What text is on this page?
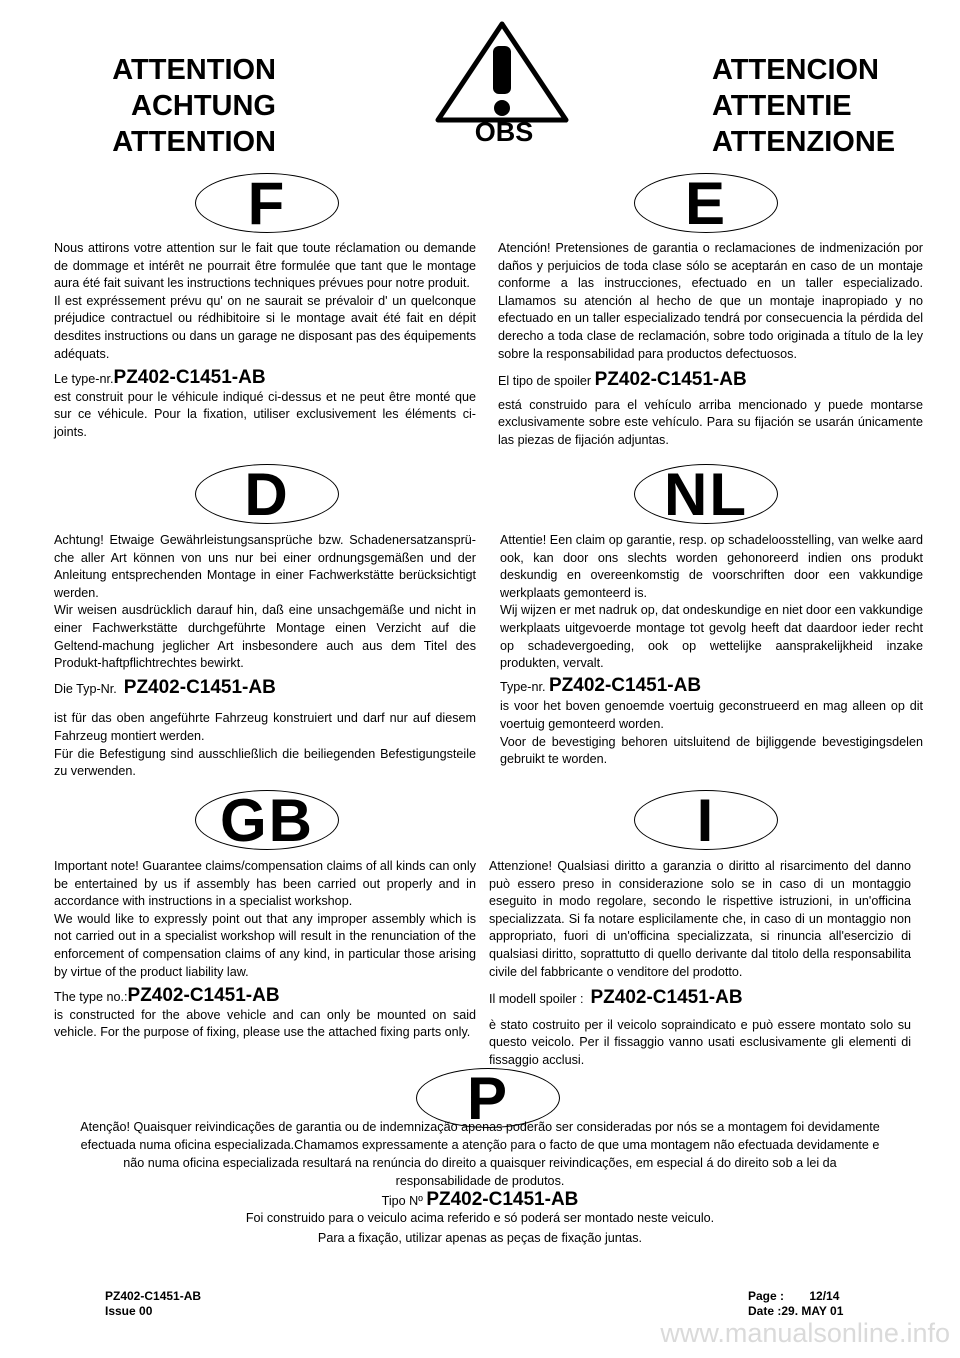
ATTENTION
ACHTUNG
ATTENTION	OBS
ATTENCION
ATTENTIE
ATTENZIONE
F

Nous attirons votre attention sur le fait que toute réclamation ou demande de dommage et intérêt ne pourrait être formulée que tant que le montage aura été fait suivant les instructions techniques prévues pour notre produit.

Il est expréssement prévu qu' on ne saurait se prévaloir d' un quelconque préjudice contractuel ou rédhibitoire si le montage avait été fait en dépit desdites instructions ou dans un garage ne disposant pas des équipements adéquats.

Le type-nr.PZ402-C1451-AB

est construit pour le véhicule indiqué ci-dessus et ne peut être monté que sur ce véhicule. Pour la fixation, utiliser exclusivement les éléments ci-joints.

E

Atención! Pretensiones de garantia o reclamaciones de indmenización por daños y perjuicios de toda clase sólo se aceptarán en caso de un montaje conforme a las instrucciones, efectuado en un taller especializado. Llamamos su atención al hecho de que un montaje inapropiado y no efectuado en un taller especializado tendrá por consecuencia la pérdida del derecho a toda clase de reclamación, sobre todo originada a título de la ley sobre la responsabilidad para productos defectuosos.

El tipo de spoiler PZ402-C1451-AB

está construido para el vehículo arriba mencionado y puede montarse exclusivamente sobre este vehículo. Para su fijación se usarán únicamente las piezas de fijación adjuntas.

D

Achtung! Etwaige Gewährleistungsansprüche bzw. Schadenersatzansprü-che aller Art können von uns nur bei einer ordnungsgemäßen und der Anleitung entsprechenden Montage in einer Fachwerkstätte berücksichtigt werden.

Wir weisen ausdrücklich darauf hin, daß eine unsachgemäße und nicht in einer Fachwerkstätte durchgeführte Montage einen Verzicht auf die Geltend-machung jeglicher Art insbesondere auch aus dem Titel des Produkt-haftpflichtrechtes bewirkt.

Die Typ-Nr. PZ402-C1451-AB

ist für das oben angeführte Fahrzeug konstruiert und darf nur auf diesem Fahrzeug montiert werden.

Für die Befestigung sind ausschließlich die beiliegenden Befestigungsteile zu verwenden.

NL

Attentie! Een claim op garantie, resp. op schadeloosstelling, van welke aard ook, kan door ons slechts worden gehonoreerd indien ons produkt deskundig en overeenkomstig de voorschriften door een vakkundige werkplaats gemonteerd is.

Wij wijzen er met nadruk op, dat ondeskundige en niet door een vakkundige werkplaats uitgevoerde montage tot gevolg heeft dat daardoor ieder recht op schadevergoeding, ook op wettelijke aansprakelijkheid inzake produkten, vervalt.

Type-nr. PZ402-C1451-AB

is voor het boven genoemde voertuig geconstrueerd en mag alleen op dit voertuig gemonteerd worden.

Voor de bevestiging behoren uitsluitend de bijliggende bevestigingsdelen gebruikt te worden.

GB

Important note! Guarantee claims/compensation claims of all kinds can only be entertained by us if assembly has been carried out properly and in accordance with instructions in a specialist workshop.

We would like to expressly point out that any improper assembly which is not carried out in a specialist workshop will result in the renunciation of the enforcement of compensation claims of any kind, in particular those arising by virtue of the product liability law.

The type no.:PZ402-C1451-AB

is constructed for the above vehicle and can only be mounted on said vehicle. For the purpose of fixing, please use the attached fixing parts only.

I

Attenzione! Qualsiasi diritto a garanzia o diritto al risarcimento del danno può essero preso in considerazione solo se in caso di un montaggio eseguito in modo regolare, secondo le rispettive istruzioni, in un'officina specializzata. Si fa notare esplicilamente che, in caso di un montaggio non appropriato, fuori di un'officina specializzata, si rinuncia all'esercizio di qualsiasi diritto, soprattutto di quello derivante dal titolo della responsabilita civile del fabbricante o venditore del prodotto.

Il modell spoiler : PZ402-C1451-AB

è stato costruito per il veicolo sopraindicato e può essere montato solo su questo veicolo. Per il fissaggio vanno usati esclusivamente gli elementi di fissaggio acclusi.

P
Atenção! Quaisquer reivindicações de garantia ou de indemnização apenas poderão ser consideradas por nós se a montagem foi devidamente
efectuada numa oficina especializada.Chamamos expressamente a atenção para o facto de que uma montagem não efectuada devidamente e
não numa oficina especializada resultará na renúncia do direito a quaisquer reivindicações, em especial á do direito sob a lei da
responsabilidade de produtos.
Tipo Nº PZ402-C1451-AB
Foi construido para o veiculo acima referido e só poderá ser montado neste veiculo.
Para a fixação, utilizar apenas as peças de fixação juntas.
PZ402-C1451-AB
Issue 00
Page : 12/14
Date :29. MAY 01
www.manualsonline.info
